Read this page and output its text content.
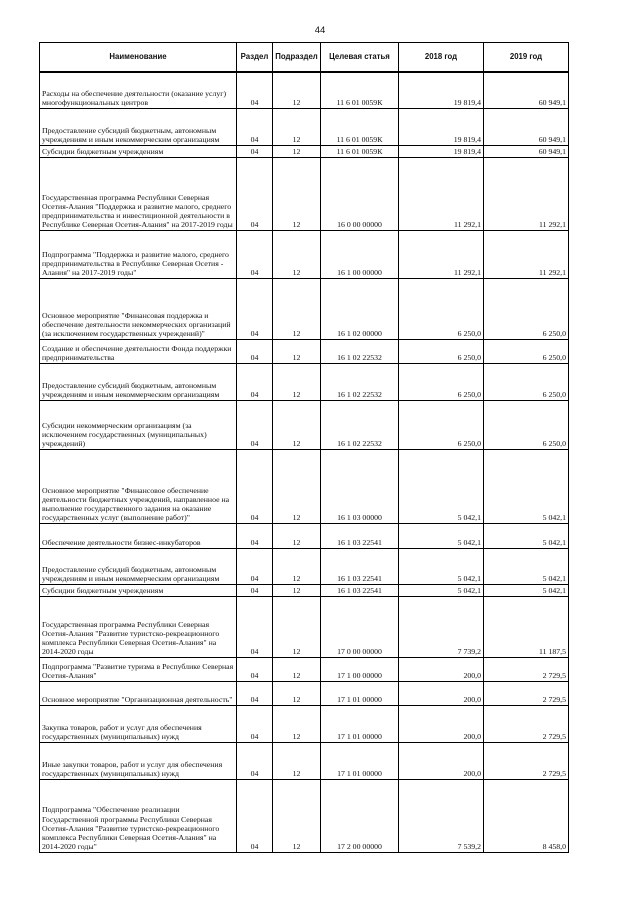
44
Наименование	Раздел	Подраздел	Целевая статья	2018 год	2019 год
Расходы на обеспечение деятельности (оказание услуг) многофункциональных центров	04	12	11 6 01 0059К	19 819,4	60 949,1
Предоставление субсидий бюджетным, автономным учреждениям и иным некоммерческим организациям	04	12	11 6 01 0059К	19 819,4	60 949,1
Субсидии бюджетным учреждениям	04	12	11 6 01 0059К	19 819,4	60 949,1
Государственная программа Республики Северная Осетия-Алания "Поддержка и развитие малого, среднего предпринимательства и инвестиционной деятельности в Республике Северная Осетия-Алания" на 2017-2019 годы	04	12	16 0 00 00000	11 292,1	11 292,1
Подпрограмма "Поддержка и развитие малого, среднего предпринимательства в Республике Северная Осетия - Алания" на 2017-2019 годы"	04	12	16 1 00 00000	11 292,1	11 292,1
Основное мероприятие "Финансовая поддержка и обеспечение деятельности некоммерческих организаций (за исключением государственных учреждений)"	04	12	16 1 02 00000	6 250,0	6 250,0
Создание и обеспечение деятельности Фонда поддержки предпринимательства	04	12	16 1 02 22532	6 250,0	6 250,0
Предоставление субсидий бюджетным, автономным учреждениям и иным некоммерческим организациям	04	12	16 1 02 22532	6 250,0	6 250,0
Субсидии некоммерческим организациям (за исключением государственных (муниципальных) учреждений)	04	12	16 1 02 22532	6 250,0	6 250,0
Основное мероприятие "Финансовое обеспечение деятельности бюджетных учреждений, направленное на выполнение государственного задания на оказание государственных услуг (выполнение работ)"	04	12	16 1 03 00000	5 042,1	5 042,1
Обеспечение деятельности бизнес-инкубаторов	04	12	16 1 03 22541	5 042,1	5 042,1
Предоставление субсидий бюджетным, автономным учреждениям и иным некоммерческим организациям	04	12	16 1 03 22541	5 042,1	5 042,1
Субсидии бюджетным учреждениям	04	12	16 1 03 22541	5 042,1	5 042,1
Государственная программа Республики Северная Осетия-Алания "Развитие туристско-рекреационного комплекса Республики Северная Осетия-Алания" на 2014-2020 годы	04	12	17 0 00 00000	7 739,2	11 187,5
Подпрограмма "Развитие туризма в Республике Северная Осетия-Алания"	04	12	17 1 00 00000	200,0	2 729,5
Основное мероприятие "Организационная деятельность"	04	12	17 1 01 00000	200,0	2 729,5
Закупка товаров, работ и услуг для обеспечения государственных (муниципальных) нужд	04	12	17 1 01 00000	200,0	2 729,5
Иные закупки товаров, работ и услуг для обеспечения государственных (муниципальных) нужд	04	12	17 1 01 00000	200,0	2 729,5
Подпрограмма "Обеспечение реализации Государственной программы Республики Северная Осетия-Алания "Развитие туристско-рекреационного комплекса Республики Северная Осетия-Алания" на 2014-2020 годы"	04	12	17 2 00 00000	7 539,2	8 458,0
